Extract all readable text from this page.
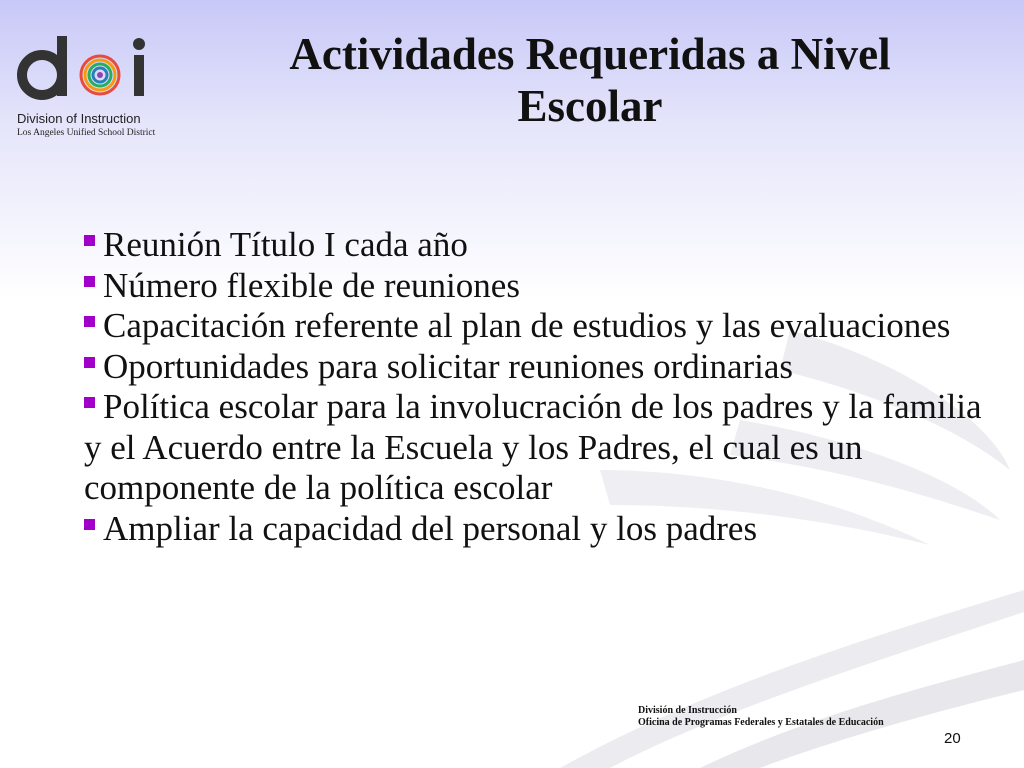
Division of Instruction
Los Angeles Unified School District
Actividades Requeridas a Nivel
Escolar
Reunión Título I cada año
Número flexible de reuniones
Capacitación referente al plan de estudios y las evaluaciones
Oportunidades para solicitar reuniones ordinarias
Política escolar para la involucración de los padres y la familia y el Acuerdo entre la Escuela y los Padres, el cual es un componente de la política escolar
Ampliar la capacidad del personal y los padres
División de Instrucción
Oficina de Programas Federales y Estatales de Educación
20
